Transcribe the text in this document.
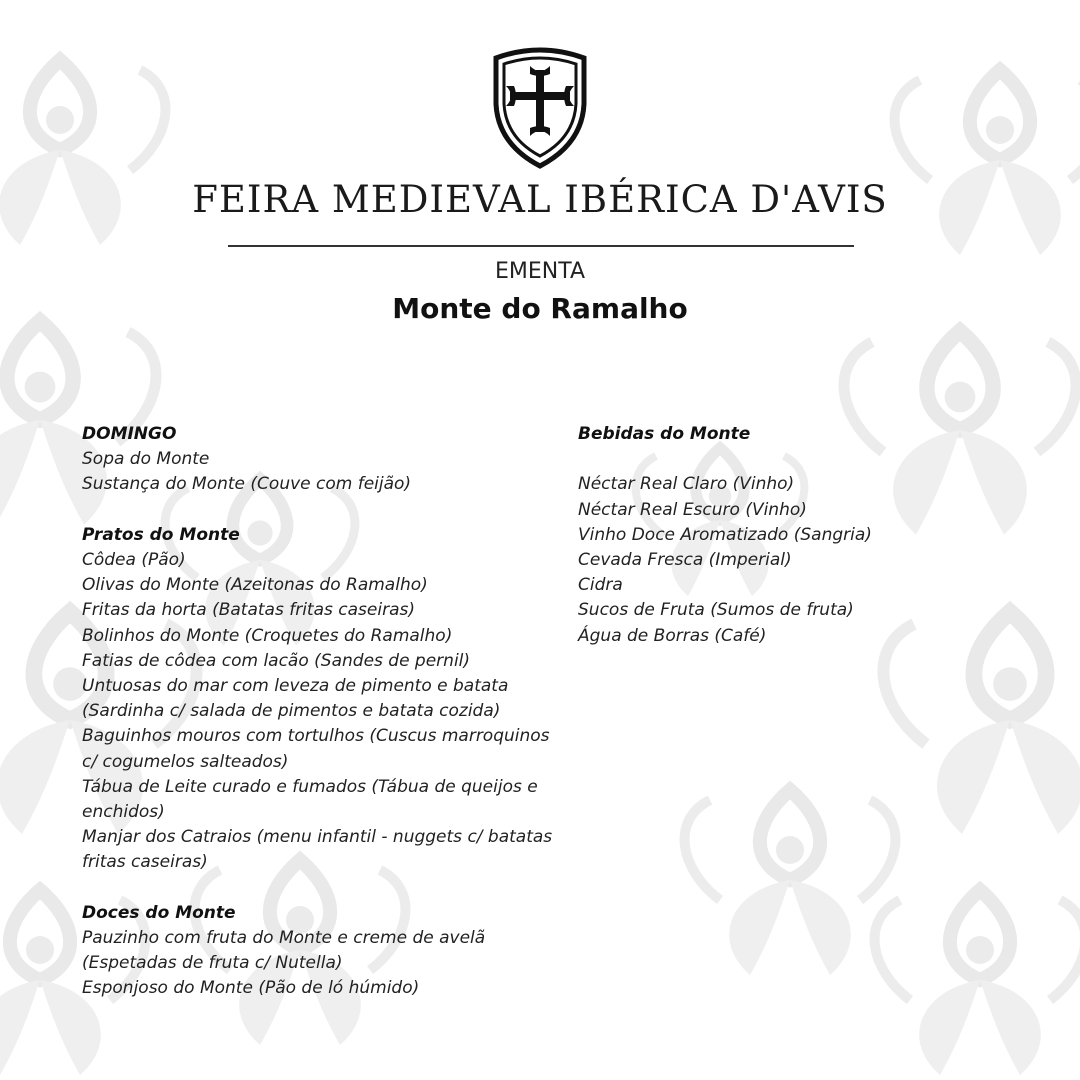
FEIRA MEDIEVAL IBÉRICA D'AVIS
EMENTA
Monte do Ramalho
DOMINGO
Sopa do Monte
Sustança do Monte (Couve com feijão)
Pratos do Monte
Côdea (Pão)
Olivas do Monte (Azeitonas do Ramalho)
Fritas da horta (Batatas fritas caseiras)
Bolinhos do Monte (Croquetes do Ramalho)
Fatias de côdea com lacão (Sandes de pernil)
Untuosas do mar com leveza de pimento e batata (Sardinha c/ salada de pimentos e batata cozida)
Baguinhos mouros com tortulhos (Cuscus marroquinos c/ cogumelos salteados)
Tábua de Leite curado e fumados (Tábua de queijos e enchidos)
Manjar dos Catraios (menu infantil - nuggets c/ batatas fritas caseiras)
Doces do Monte
Pauzinho com fruta do Monte e creme de avelã (Espetadas de fruta c/ Nutella)
Esponjoso do Monte (Pão de ló húmido)
Bebidas do Monte
Néctar Real Claro (Vinho)
Néctar Real Escuro (Vinho)
Vinho Doce Aromatizado (Sangria)
Cevada Fresca (Imperial)
Cidra
Sucos de Fruta (Sumos de fruta)
Água de Borras (Café)
